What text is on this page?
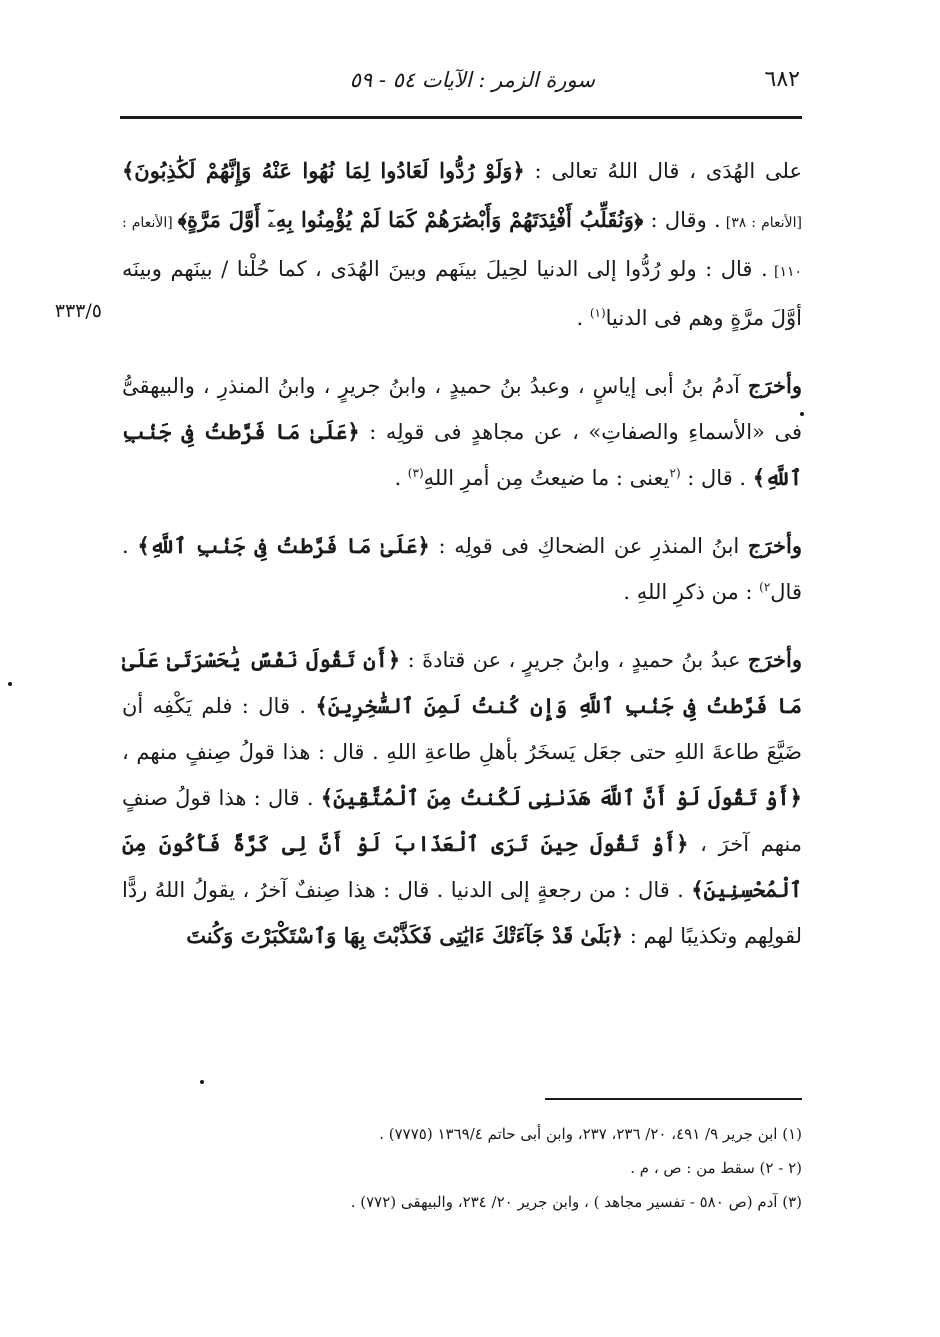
٦٨٢
سورة الزمر : الآيات ٥٤ - ٥٩

على الهُدَى ، قال اللهُ تعالى : ﴿وَلَوْ رُدُّوا لَعَادُوا لِمَا نُهُوا عَنْهُ وَإِنَّهُمْ لَكَٰذِبُونَ﴾ [الأنعام : ٣٨] . وقال : ﴿وَنُقَلِّبُ أَفْئِدَتَهُمْ وَأَبْصَٰرَهُمْ كَمَا لَمْ يُؤْمِنُوا بِهِۦٓ أَوَّلَ مَرَّةٍ﴾ [الأنعام : ١١٠] . قال : ولو رُدُّوا إلى الدنيا لحِيلَ بينَهم وبينَ الهُدَى ، كما حُلْنا / بينَهم وبينَه أوَّلَ مرَّةٍ وهم فى الدنيا$^{(١)}$ .
٣٣٣/٥

وأخرَج آدمُ بنُ أبى إياسٍ ، وعبدُ بنُ حميدٍ ، وابنُ جريرٍ ، وابنُ المنذرِ ، والبيهقىُّ فى «الأسماءِ والصفاتِ» ، عن مجاهدٍ فى قولِه : ﴿عَلَىٰ مَا فَرَّطتُ فِى جَنۢبِ ٱللَّهِ﴾ . قال : $^{(٢}$يعنى : ما ضيعتُ مِن أمرِ اللهِ$^{(٣)}$ .

وأخرَج ابنُ المنذرِ عن الضحاكِ فى قولِه : ﴿عَلَىٰ مَا فَرَّطتُ فِى جَنۢبِ ٱللَّهِ﴾ . قال$^{٢)}$ : من ذكرِ اللهِ .

وأخرَج عبدُ بنُ حميدٍ ، وابنُ جريرٍ ، عن قتادةَ : ﴿أَن تَقُولَ نَفْسٌ يَٰحَسْرَتَىٰ عَلَىٰ مَا فَرَّطتُ فِى جَنۢبِ ٱللَّهِ وَإِن كُنتُ لَمِنَ ٱلسَّٰخِرِينَ﴾ . قال : فلم يَكْفِه أن ضَيَّعَ طاعةَ اللهِ حتى جعَل يَسخَرُ بأهلِ طاعةِ اللهِ . قال : هذا قولُ صِنفٍ منهم ، ﴿أَوْ تَقُولَ لَوْ أَنَّ ٱللَّهَ هَدَىٰنِى لَكُنتُ مِنَ ٱلْمُتَّقِينَ﴾ . قال : هذا قولُ صنفٍ منهم آخرَ ، ﴿أَوْ تَقُولَ حِينَ تَرَى ٱلْعَذَابَ لَوْ أَنَّ لِى كَرَّةً فَأَكُونَ مِنَ ٱلْمُحْسِنِينَ﴾ . قال : من رجعةٍ إلى الدنيا . قال : هذا صِنفٌ آخرُ ، يقولُ اللهُ ردًّا لقولِهم وتكذيبًا لهم : ﴿بَلَىٰ قَدْ جَآءَتْكَ ءَايَٰتِى فَكَذَّبْتَ بِهَا وَٱسْتَكْبَرْتَ وَكُنتَ

(١) ابن جرير ٩/ ٤٩١، ٢٠/ ٢٣٦، ٢٣٧، وابن أبى حاتم ١٣٦٩/٤ (٧٧٧٥) .

(٢ - ٢) سقط من : ص ، م .

(٣) آدم (ص ٥٨٠ - تفسير مجاهد ) ، وابن جرير ٢٠/ ٢٣٤، والبيهقى (٧٧٢) .
